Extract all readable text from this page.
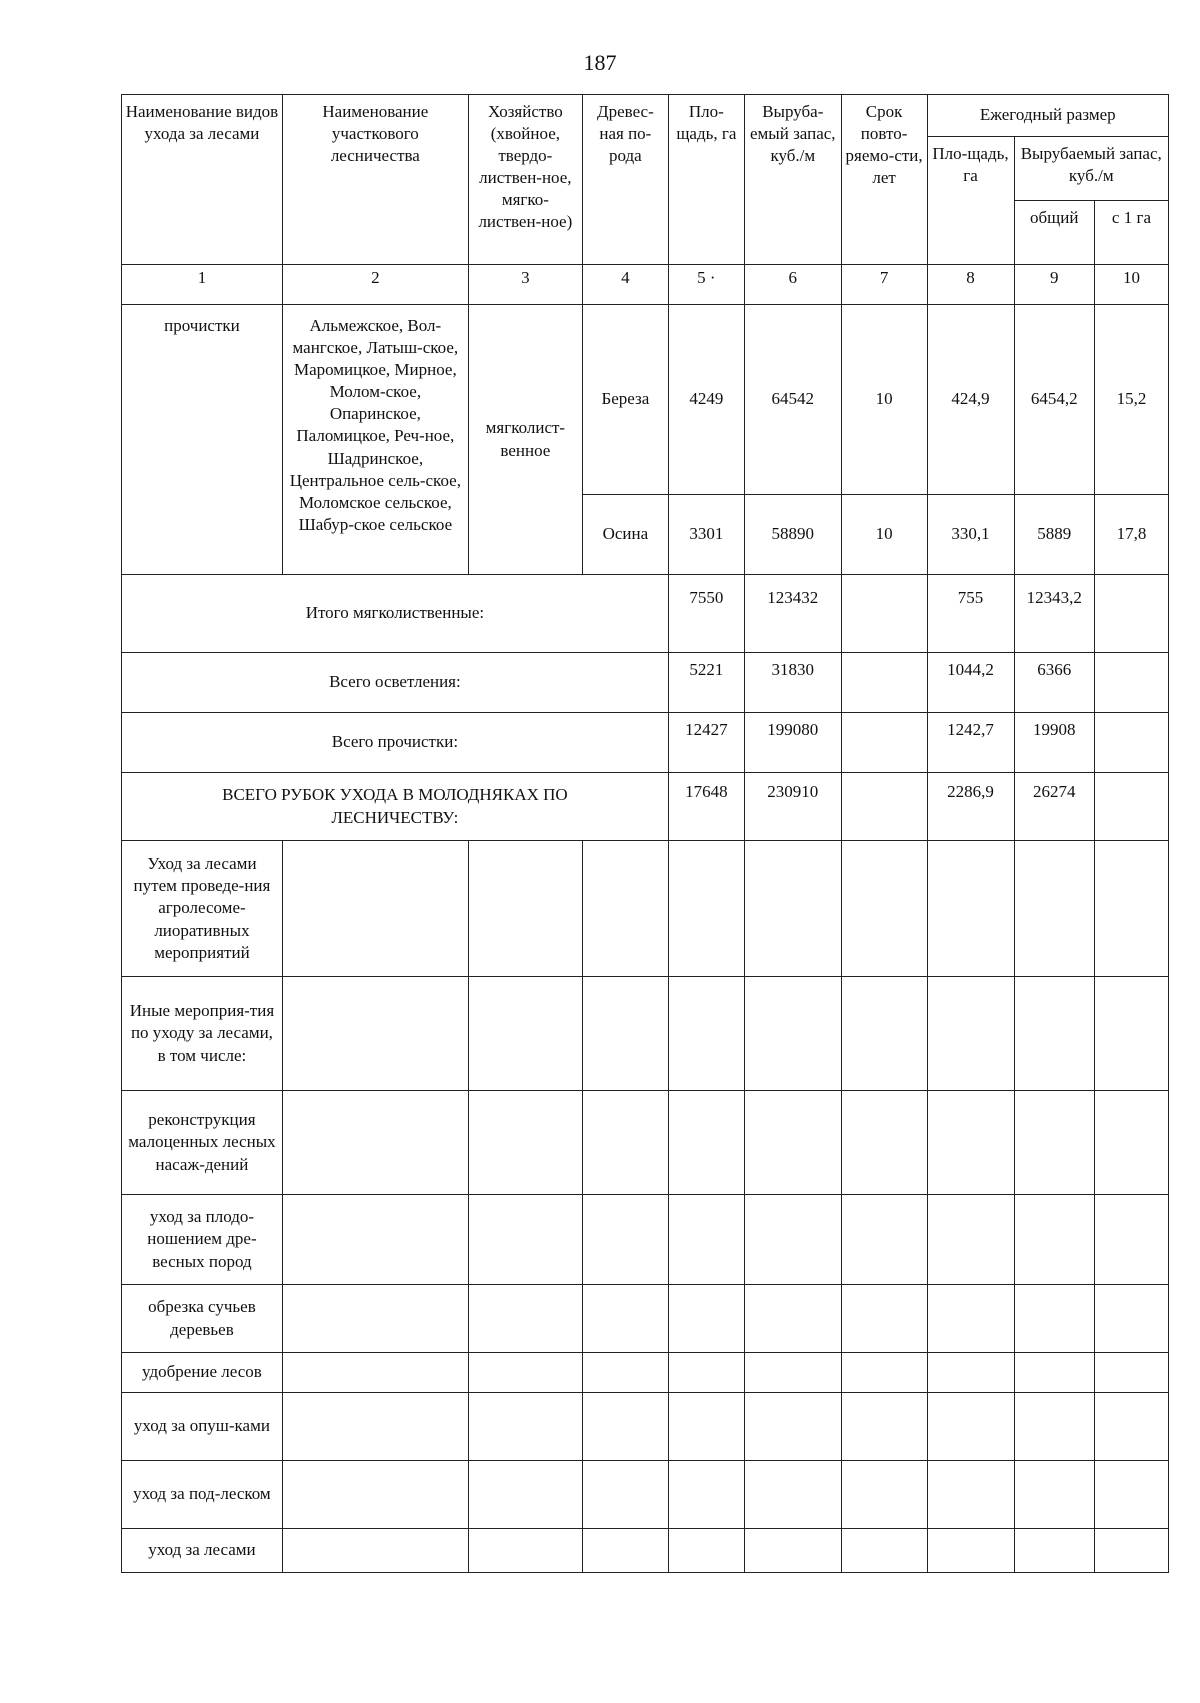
187
Наименование видов ухода за лесами	Наименование участкового лесничества	Хозяйство (хвойное, твердо-листвен-ное, мягко-листвен-ное)	Древес-ная по-рода	Пло-щадь, га	Выруба-емый запас, куб./м	Срок повто-ряемо-сти, лет	Ежегодный размер		
							Пло-щадь, га	Вырубаемый запас, куб./м	
								общий	с 1 га
1	2	3	4	5 ·	6	7	8	9	10
прочистки	Альмежское, Вол-мангское, Латыш-ское, Маромицкое, Мирное, Молом-ское, Опаринское, Паломицкое, Реч-ное, Шадринское, Центральное сель-ское, Моломское сельское, Шабур-ское сельское	мягколист-венное	Береза	4249	64542	10	424,9	6454,2	15,2
			Осина	3301	58890	10	330,1	5889	17,8
Итого мягколиственные:				7550	123432		755	12343,2	
Всего осветления:				5221	31830		1044,2	6366	
Всего прочистки:				12427	199080		1242,7	19908	
ВСЕГО РУБОК УХОДА В МОЛОДНЯКАХ ПО ЛЕСНИЧЕСТВУ:				17648	230910		2286,9	26274	
Уход за лесами путем проведе-ния агролесоме-лиоративных мероприятий									
Иные мероприя-тия по уходу за лесами, в том числе:									
реконструкция малоценных лесных насаж-дений									
уход за плодо-ношением дре-весных пород									
обрезка сучьев деревьев									
удобрение лесов									
уход за опуш-ками									
уход за под-леском									
уход за лесами									
